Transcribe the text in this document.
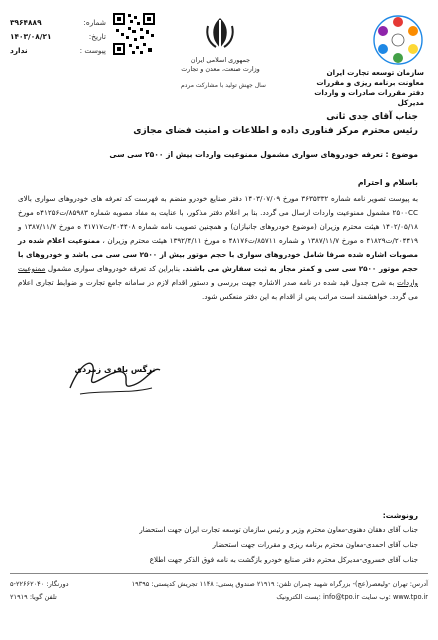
سازمان توسعه تجارت ایران
معاونت برنامه ریزی و مقررات
دفتر مقررات صادرات و واردات
مدیرکل
جمهوری اسلامی ایران
وزارت صنعت، معدن و تجارت
سال جهش تولید با مشارکت مردم
شماره:
۳۹۶۴۸۸۹
تاریخ:
۱۴۰۳/۰۸/۲۱
پیوست :
ندارد
جناب آقای جدی ثانی
رئیس محترم مرکز فناوری داده و اطلاعات و امنیت فضای مجازی
موضوع : تعرفه خودروهای سواری مشمول ممنوعیت واردات بیش از ۲۵۰۰ سی سی
باسلام و احترام
به پیوست تصویر نامه شماره ۳۶۳۵۳۳۲ مورخ ۱۴۰۳/۰۷/۰۹ دفتر صنایع خودرو منضم به فهرست کد تعرفه های خودروهای سواری بالای ۲۵۰۰CC مشمول ممنوعیت واردات ارسال می گردد. بنا بر اعلام دفتر مذکور، با عنایت به مفاد مصوبه شماره ۸۵۹۸۳/ت۴۱۲۵۶ه مورخ ۱۴۰۲/۰۵/۱۸ هیئت محترم وزیران (موضوع خودروهای جانبازان) و همچنین تصویب نامه شماره ۲۰۴۴۰۸/ت۴۱۷۱۷ ه مورخ ۱۳۸۷/۱۱/۷ و ۲۰۴۴۱۹/ت۴۱۸۲۹ ه مورخ ۱۳۸۷/۱۱/۷ و شماره ۸۵۷۱۱/ت۴۸۱۷۶ ه مورخ ۱۳۹۲/۴/۱۱ هیئت محترم وزیران ، ممنوعیت اعلام شده در مصوبات اشاره شده صرفا شامل خودروهای سواری با حجم موتور بیش از ۲۵۰۰ سی سی می باشد و خودروهای با حجم موتور ۲۵۰۰ سی سی و کمتر مجاز به ثبت سفارش می باشند. بنابراین کد تعرفه خودروهای سواری مشمول ممنوعیت واردات به شرح جدول قید شده در نامه صدر الاشاره جهت بررسی و دستور اقدام لازم در سامانه جامع تجارت و ضوابط تجاری اعلام می گردد. خواهشمند است مراتب پس از اقدام به این دفتر منعکس شود.
نرگس باقری زمردی
رونوشت:
جناب آقای دهقان دهنوی-معاون محترم وزیر و رئیس سازمان توسعه تجارت ایران جهت استحضار
جناب آقای احمدی-معاون محترم برنامه ریزی و مقررات جهت استحضار
جناب آقای خسروی-مدیرکل محترم دفتر صنایع خودرو بازگشت به نامه فوق الذکر جهت اطلاع
آدرس: تهران -ولیعصر(عج)- بزرگراه شهید چمران تلفن: ۲۱۹۱۹ صندوق پستی: ۱۱۴۸ تجریش کدپستی: ۱۹۳۹۵
دورنگار: ۲۲۶۶۲۰۴۰-۵
www.tpo.ir :وب سایت info@tpo.ir :پست الکترونیک
تلفن گویا: ۲۱۹۱۹
